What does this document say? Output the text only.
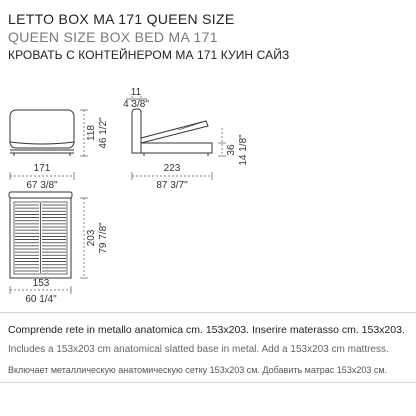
LETTO BOX MA 171 QUEEN SIZE
QUEEN SIZE BOX BED MA 171
КРОВАТЬ С КОНТЕЙНЕРОМ МА 171 КУИН САЙЗ
118 46 1/2"
171
67 3/8"
11
4 3/8"
36 14 1/8"
223
87 3/7"
203 79 7/8"
153
60 1/4"
Comprende rete in metallo anatomica cm. 153x203. Inserire materasso cm. 153x203.
Includes a 153x203 cm anatomical slatted base in metal. Add a 153x203 cm mattress.
Включает металлическую анатомическую сетку 153x203 см. Добавить матрас 153x203 см.
